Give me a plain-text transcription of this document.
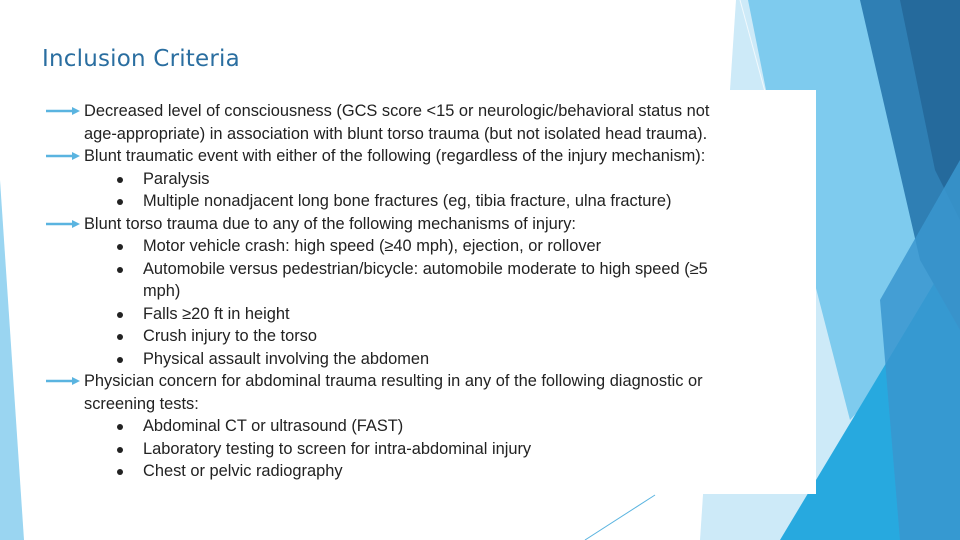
Inclusion Criteria
Decreased level of consciousness (GCS score <15 or neurologic/behavioral status not
age-appropriate) in association with blunt torso trauma (but not isolated head trauma).
Blunt traumatic event with either of the following (regardless of the injury mechanism):
Paralysis
Multiple nonadjacent long bone fractures (eg, tibia fracture, ulna fracture)
Blunt torso trauma due to any of the following mechanisms of injury:
Motor vehicle crash: high speed (≥40 mph), ejection, or rollover
Automobile versus pedestrian/bicycle: automobile moderate to high speed (≥5
mph)
Falls ≥20 ft in height
Crush injury to the torso
Physical assault involving the abdomen
Physician concern for abdominal trauma resulting in any of the following diagnostic or
screening tests:
Abdominal CT or ultrasound (FAST)
Laboratory testing to screen for intra-abdominal injury
Chest or pelvic radiography
